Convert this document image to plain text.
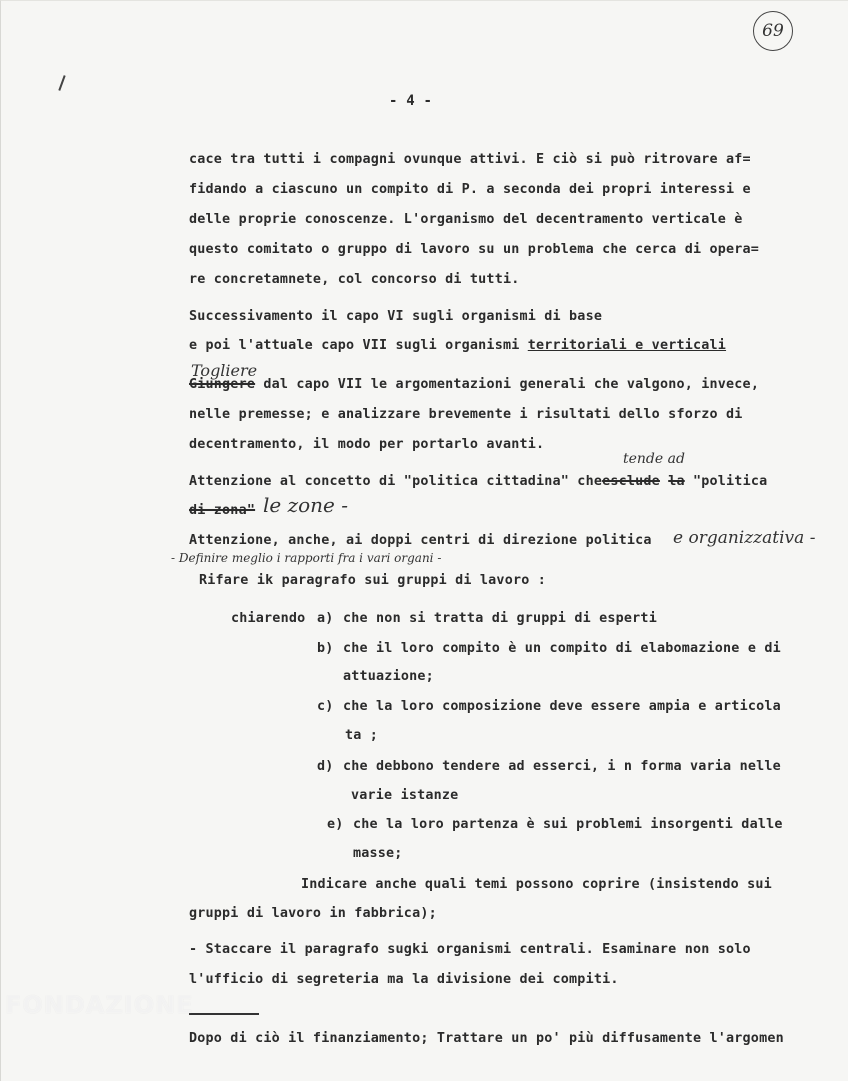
69
- 4 -
cace tra tutti i compagni ovunque attivi. E ciò si può ritrovare af=
fidando a ciascuno un compito di P. a seconda dei propri interessi e
delle proprie conoscenze. L'organismo del decentramento verticale è
questo comitato o gruppo di lavoro su un problema che cerca di opera=
re concretamnete, col concorso di tutti.
Successivamento il capo VI sugli organismi di base
e poi l'attuale capo VII sugli organismi territoriali e verticali
Togliere
Giungere dal capo VII le argomentazioni generali che valgono, invece,
nelle premesse; e analizzare brevemente i risultati dello sforzo di
decentramento, il modo per portarlo avanti.
tende ad
Attenzione al concetto di "politica cittadina" cheesclude la "politica
di zona" le zone -
Attenzione, anche, ai doppi centri di direzione politica e organizzativa -
- Definire meglio i rapporti fra i vari organi -
Rifare ik paragrafo sui gruppi di lavoro :
chiarendo a) che non si tratta di gruppi di esperti
b) che il loro compito è un compito di elabomazione e di
attuazione;
c) che la loro composizione deve essere ampia e articola
ta ;
d) che debbono tendere ad esserci, i n forma varia nelle
varie istanze
e) che la loro partenza è sui problemi insorgenti dalle
masse;
Indicare anche quali temi possono coprire (insistendo sui
gruppi di lavoro in fabbrica);
- Staccare il paragrafo sugki organismi centrali. Esaminare non solo
l'ufficio di segreteria ma la divisione dei compiti.
Dopo di ciò il finanziamento; Trattare un po' più diffusamente l'argomen
FONDAZIONE
